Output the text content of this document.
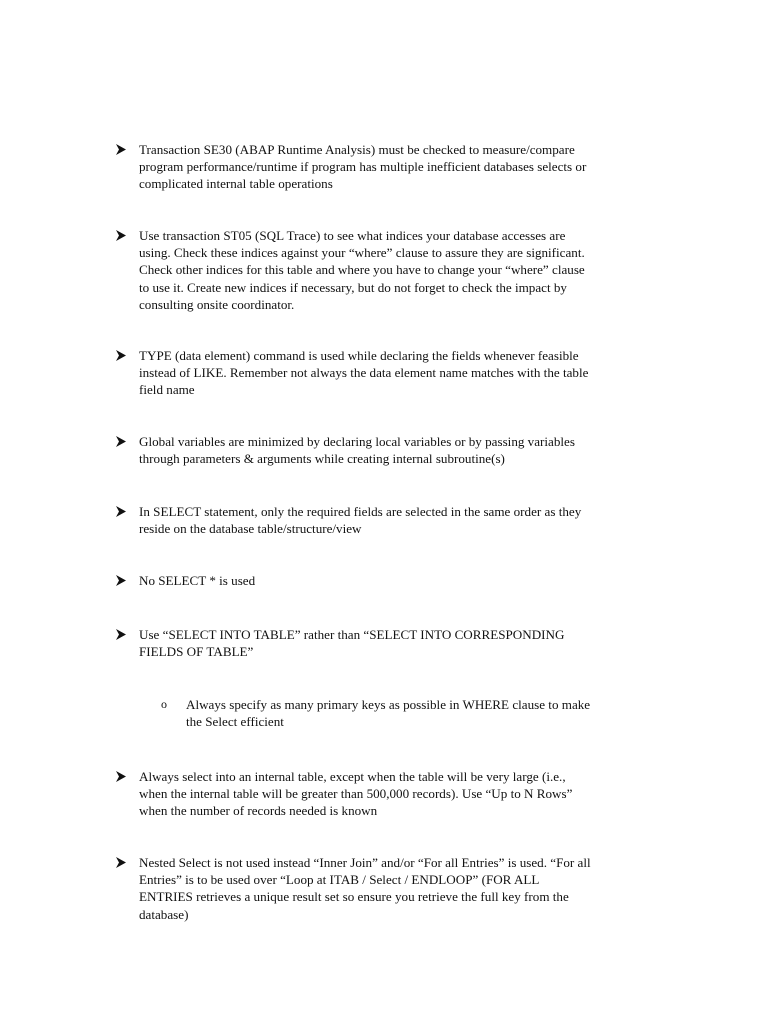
Transaction SE30 (ABAP Runtime Analysis) must be checked to measure/compare
program performance/runtime if program has multiple inefficient databases selects or
complicated internal table operations
Use transaction ST05 (SQL Trace) to see what indices your database accesses are
using. Check these indices against your “where” clause to assure they are significant.
Check other indices for this table and where you have to change your “where” clause
to use it. Create new indices if necessary, but do not forget to check the impact by
consulting onsite coordinator.
TYPE (data element) command is used while declaring the fields whenever feasible
instead of LIKE. Remember not always the data element name matches with the table
field name
Global variables are minimized by declaring local variables or by passing variables
through parameters & arguments while creating internal subroutine(s)
In SELECT statement, only the required fields are selected in the same order as they
reside on the database table/structure/view
No SELECT * is used
Use “SELECT INTO TABLE” rather than “SELECT INTO CORRESPONDING
FIELDS OF TABLE”
o	Always specify as many primary keys as possible in WHERE clause to make
the Select efficient
Always select into an internal table, except when the table will be very large (i.e.,
when the internal table will be greater than 500,000 records). Use “Up to N Rows”
when the number of records needed is known
Nested Select is not used instead “Inner Join” and/or “For all Entries” is used. “For all
Entries” is to be used over “Loop at ITAB / Select / ENDLOOP” (FOR ALL
ENTRIES retrieves a unique result set so ensure you retrieve the full key from the
database)
